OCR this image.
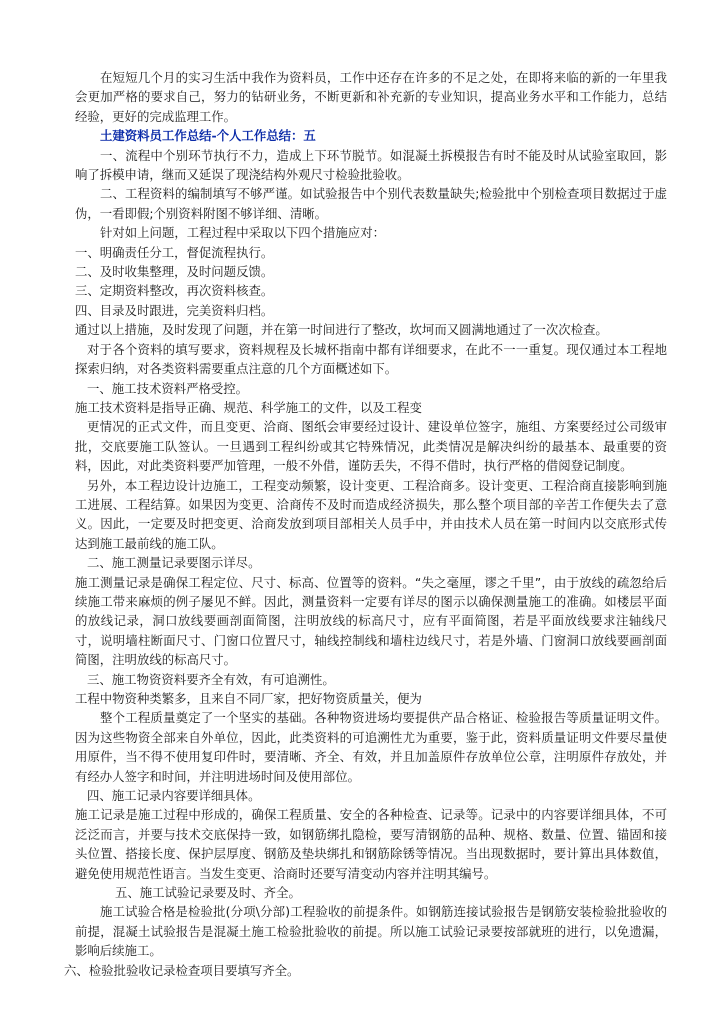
在短短几个月的实习生活中我作为资料员，工作中还存在许多的不足之处，在即将来临的新的一年里我会更加严格的要求自己，努力的钻研业务，不断更新和补充新的专业知识，提高业务水平和工作能力，总结经验，更好的完成监理工作。

土建资料员工作总结-个人工作总结：五

一、流程中个别环节执行不力，造成上下环节脱节。如混凝土拆模报告有时不能及时从试验室取回，影响了拆模申请，继而又延误了现浇结构外观尺寸检验批验收。

二、工程资料的编制填写不够严谨。如试验报告中个别代表数量缺失;检验批中个别检查项目数据过于虚伪，一看即假;个别资料附图不够详细、清晰。

针对如上问题，工程过程中采取以下四个措施应对：

一、明确责任分工，督促流程执行。

二、及时收集整理，及时问题反馈。

三、定期资料整改，再次资料核查。

四、目录及时跟进，完美资料归档。

通过以上措施，及时发现了问题，并在第一时间进行了整改，坎坷而又圆满地通过了一次次检查。

对于各个资料的填写要求，资料规程及长城杯指南中都有详细要求，在此不一一重复。现仅通过本工程地探索归纳，对各类资料需要重点注意的几个方面概述如下。

一、施工技术资料严格受控。

施工技术资料是指导正确、规范、科学施工的文件，以及工程变

更情况的正式文件，而且变更、洽商、图纸会审要经过设计、建设单位签字，施组、方案要经过公司级审批，交底要施工队签认。一旦遇到工程纠纷或其它特殊情况，此类情况是解决纠纷的最基本、最重要的资料，因此，对此类资料要严加管理，一般不外借，谨防丢失，不得不借时，执行严格的借阅登记制度。

另外，本工程边设计边施工，工程变动频繁，设计变更、工程洽商多。设计变更、工程洽商直接影响到施工进展、工程结算。如果因为变更、洽商传不及时而造成经济损失，那么整个项目部的辛苦工作便失去了意义。因此，一定要及时把变更、洽商发放到项目部相关人员手中，并由技术人员在第一时间内以交底形式传达到施工最前线的施工队。

二、施工测量记录要图示详尽。

施工测量记录是确保工程定位、尺寸、标高、位置等的资料。“失之毫厘，谬之千里”，由于放线的疏忽给后续施工带来麻烦的例子屡见不鲜。因此，测量资料一定要有详尽的图示以确保测量施工的准确。如楼层平面的放线记录，洞口放线要画剖面简图，注明放线的标高尺寸，应有平面简图，若是平面放线要求注轴线尺寸，说明墙柱断面尺寸、门窗口位置尺寸，轴线控制线和墙柱边线尺寸，若是外墙、门窗洞口放线要画剖面简图，注明放线的标高尺寸。

三、施工物资资料要齐全有效，有可追溯性。

工程中物资种类繁多，且来自不同厂家，把好物资质量关，便为

整个工程质量奠定了一个坚实的基础。各种物资进场均要提供产品合格证、检验报告等质量证明文件。因为这些物资全部来自外单位，因此，此类资料的可追溯性尤为重要，鉴于此，资料质量证明文件要尽量使用原件，当不得不使用复印件时，要清晰、齐全、有效，并且加盖原件存放单位公章，注明原件存放处，并有经办人签字和时间，并注明进场时间及使用部位。

四、施工记录内容要详细具体。

施工记录是施工过程中形成的，确保工程质量、安全的各种检查、记录等。记录中的内容要详细具体，不可泛泛而言，并要与技术交底保持一致，如钢筋绑扎隐检，要写清钢筋的品种、规格、数量、位置、锚固和接头位置、搭接长度、保护层厚度、钢筋及垫块绑扎和钢筋除锈等情况。当出现数据时，要计算出具体数值，避免使用规范性语言。当发生变更、洽商时还要写清变动内容并注明其编号。

五、施工试验记录要及时、齐全。

施工试验合格是检验批(分项\分部)工程验收的前提条件。如钢筋连接试验报告是钢筋安装检验批验收的前提，混凝土试验报告是混凝土施工检验批验收的前提。所以施工试验记录要按部就班的进行，以免遗漏，影响后续施工。

六、检验批验收记录检查项目要填写齐全。
